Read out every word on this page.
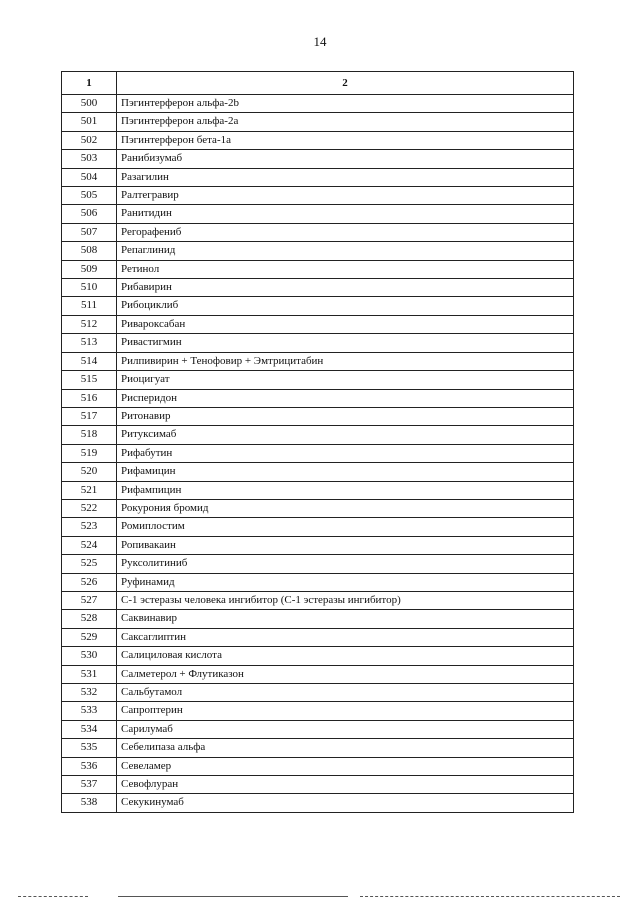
14
1	2
500	Пэгинтерферон альфа-2b
501	Пэгинтерферон альфа-2а
502	Пэгинтерферон бета-1а
503	Ранибизумаб
504	Разагилин
505	Ралтегравир
506	Ранитидин
507	Регорафениб
508	Репаглинид
509	Ретинол
510	Рибавирин
511	Рибоциклиб
512	Ривароксабан
513	Ривастигмин
514	Рилпивирин + Тенофовир + Эмтрицитабин
515	Риоцигуат
516	Рисперидон
517	Ритонавир
518	Ритуксимаб
519	Рифабутин
520	Рифамицин
521	Рифампицин
522	Рокурония бромид
523	Ромиплостим
524	Ропивакаин
525	Руксолитиниб
526	Руфинамид
527	С-1 эстеразы человека ингибитор (С-1 эстеразы ингибитор)
528	Саквинавир
529	Саксаглиптин
530	Салициловая кислота
531	Салметерол + Флутиказон
532	Сальбутамол
533	Сапроптерин
534	Сарилумаб
535	Себелипаза альфа
536	Севеламер
537	Севофлуран
538	Секукинумаб
